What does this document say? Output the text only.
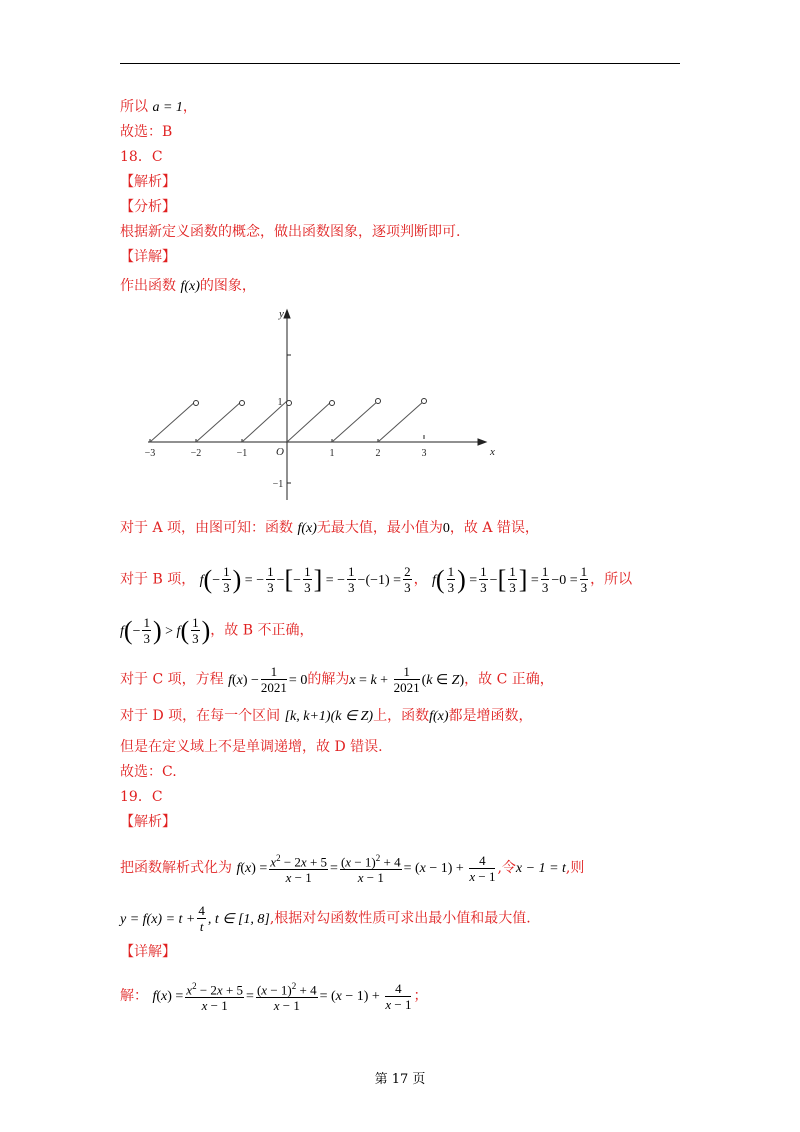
所以 a = 1，
故选：B
18．C
【解析】
【分析】
根据新定义函数的概念，做出函数图象，逐项判断即可.
【详解】
作出函数 f(x)的图象，
x
y
O
−3	−2	−1	1	2	3
1
−1
对于 A 项，由图可知：函数 f(x)无最大值，最小值为0，故 A 错误，
对于 B 项， $f(- \frac{1}{3}$ ) = − $\frac{1}{3}$ −[− $\frac{1}{3}$ ] = − $\frac{1}{3} -(-1) = \frac{2}{3}$ ， $f( \frac{1}{3}$ ) = $\frac{1}{3}$ −[ $\frac{1}{3}$ ] = $\frac{1}{3} -0 = \frac{1}{3}$ ，所以
$f(- \frac{1}{3}$ ) > $f( \frac{1}{3}$ )，故 B 不正确，
对于 C 项，方程 $f(x) - \frac{1}{2021} = 0$的解为$x = k + \frac{1}{2021} (k$ ∈ Z)，故 C 正确，
对于 D 项，在每一个区间 [k, k+1)(k ∈ Z)上，函数f(x)都是增函数，
但是在定义域上不是单调递增，故 D 错误.
故选：C.
19．C
【解析】
把函数解析式化为 $f(x) = \frac{x^2 - 2x + 5}{x - 1} = \frac{(x - 1)^2 + 4}{x - 1} = (x - 1) + \frac{4}{x - 1}$ ,令x − 1 = t,则
$y = f(x) = t + \frac{4}{t}$ , t ∈ [1, 8],根据对勾函数性质可求出最小值和最大值.
【详解】
解： $f(x) = \frac{x^2 - 2x + 5}{x - 1} = \frac{(x - 1)^2 + 4}{x - 1} = (x - 1) + \frac{4}{x - 1}$ ；
第 17 页
